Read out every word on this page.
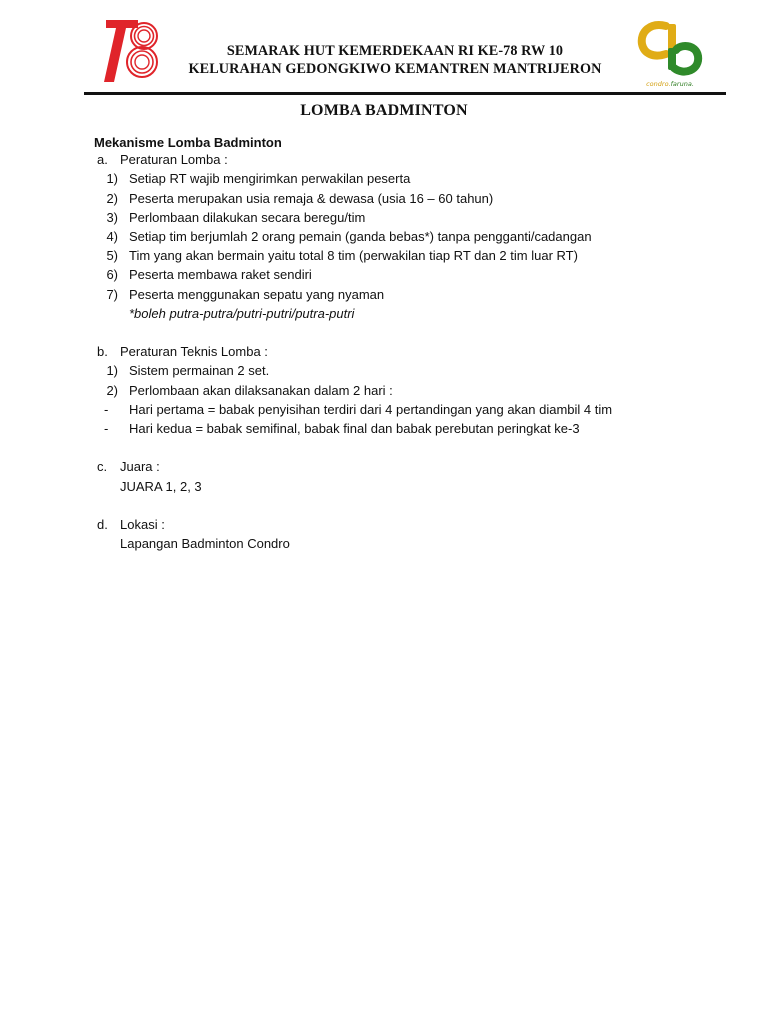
SEMARAK HUT KEMERDEKAAN RI KE-78 RW 10
KELURAHAN GEDONGKIWO KEMANTREN MANTRIJERON
condro.faruna.
LOMBA BADMINTON
Mekanisme Lomba Badminton
a. Peraturan Lomba :
1) Setiap RT wajib mengirimkan perwakilan peserta
2) Peserta merupakan usia remaja & dewasa (usia 16 – 60 tahun)
3) Perlombaan dilakukan secara beregu/tim
4) Setiap tim berjumlah 2 orang pemain (ganda bebas*) tanpa pengganti/cadangan
5) Tim yang akan bermain yaitu total 8 tim (perwakilan tiap RT dan 2 tim luar RT)
6) Peserta membawa raket sendiri
7) Peserta menggunakan sepatu yang nyaman
*boleh putra-putra/putri-putri/putra-putri
b. Peraturan Teknis Lomba :
1) Sistem permainan 2 set.
2) Perlombaan akan dilaksanakan dalam 2 hari :
- Hari pertama = babak penyisihan terdiri dari 4 pertandingan yang akan diambil 4 tim
- Hari kedua = babak semifinal, babak final dan babak perebutan peringkat ke-3
c. Juara :
JUARA 1, 2, 3
d. Lokasi :
Lapangan Badminton Condro
